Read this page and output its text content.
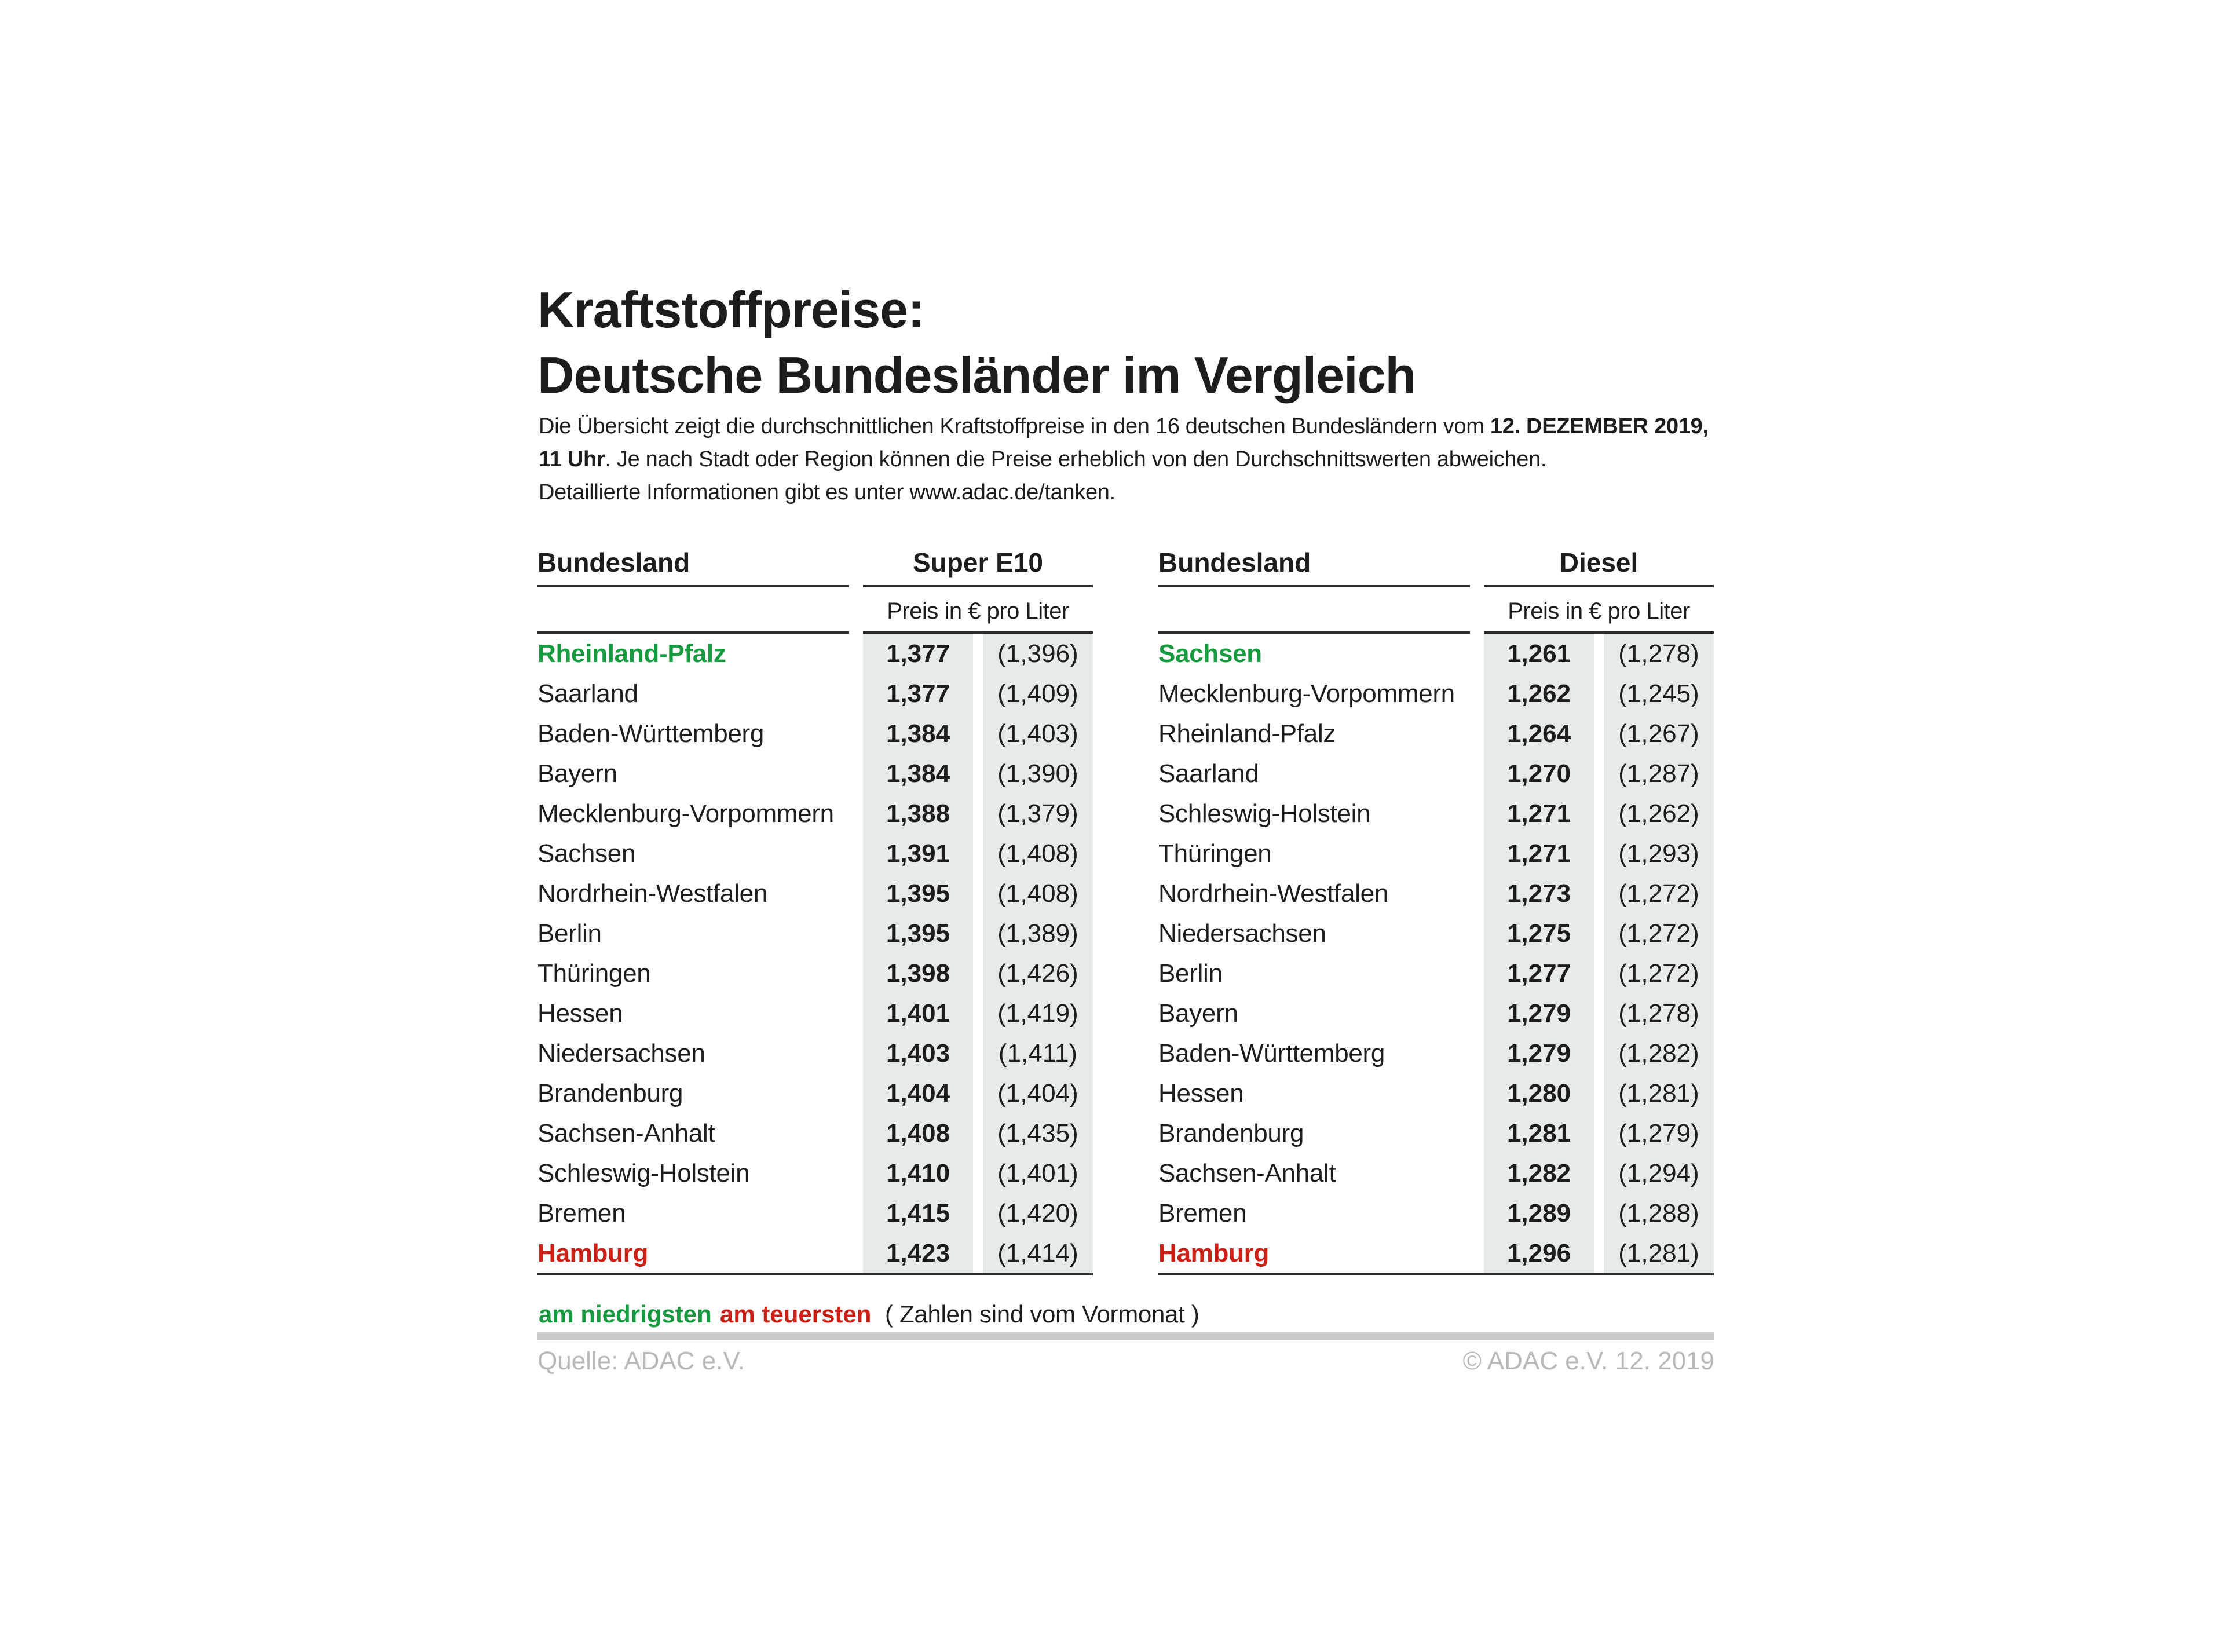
Kraftstoffpreise:
Deutsche Bundesländer im Vergleich
Die Übersicht zeigt die durchschnittlichen Kraftstoffpreise in den 16 deutschen Bundesländern vom 12. DEZEMBER 2019,
11 Uhr. Je nach Stadt oder Region können die Preise erheblich von den Durchschnittswerten abweichen.
Detaillierte Informationen gibt es unter www.adac.de/tanken.
Bundesland	Super E10
Preis in € pro Liter
Rheinland-Pfalz	1,377	(1,396)
Saarland	1,377	(1,409)
Baden-Württemberg	1,384	(1,403)
Bayern	1,384	(1,390)
Mecklenburg-Vorpommern	1,388	(1,379)
Sachsen	1,391	(1,408)
Nordrhein-Westfalen	1,395	(1,408)
Berlin	1,395	(1,389)
Thüringen	1,398	(1,426)
Hessen	1,401	(1,419)
Niedersachsen	1,403	(1,411)
Brandenburg	1,404	(1,404)
Sachsen-Anhalt	1,408	(1,435)
Schleswig-Holstein	1,410	(1,401)
Bremen	1,415	(1,420)
Hamburg	1,423	(1,414)
Bundesland	Diesel
Preis in € pro Liter
Sachsen	1,261	(1,278)
Mecklenburg-Vorpommern	1,262	(1,245)
Rheinland-Pfalz	1,264	(1,267)
Saarland	1,270	(1,287)
Schleswig-Holstein	1,271	(1,262)
Thüringen	1,271	(1,293)
Nordrhein-Westfalen	1,273	(1,272)
Niedersachsen	1,275	(1,272)
Berlin	1,277	(1,272)
Bayern	1,279	(1,278)
Baden-Württemberg	1,279	(1,282)
Hessen	1,280	(1,281)
Brandenburg	1,281	(1,279)
Sachsen-Anhalt	1,282	(1,294)
Bremen	1,289	(1,288)
Hamburg	1,296	(1,281)
am niedrigsten am teuersten ( Zahlen sind vom Vormonat )
Quelle: ADAC e.V.	© ADAC e.V. 12. 2019
